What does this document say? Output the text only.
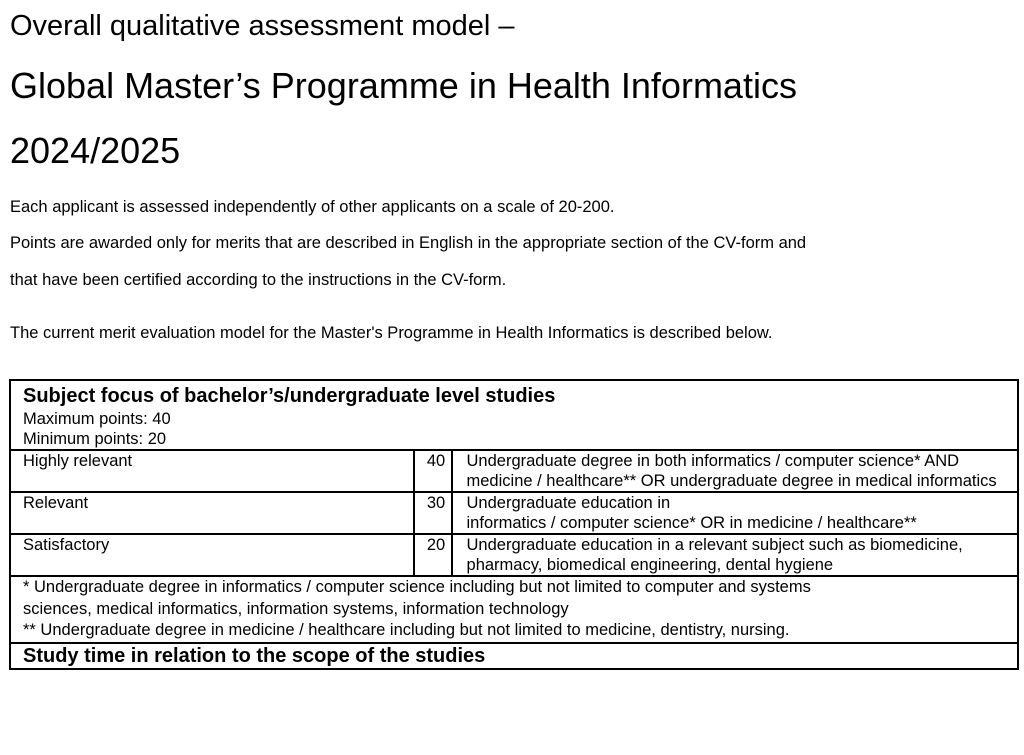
Overall qualitative assessment model –
Global Master’s Programme in Health Informatics
2024/2025

Each applicant is assessed independently of other applicants on a scale of 20-200.

Points are awarded only for merits that are described in English in the appropriate section of the CV-form and

that have been certified according to the instructions in the CV-form.

The current merit evaluation model for the Master's Programme in Health Informatics is described below.

Subject focus of bachelor’s/undergraduate level studies
Maximum points: 40
Minimum points: 20		

Highly relevant	40	Undergraduate degree in both informatics / computer science* AND medicine / healthcare** OR undergraduate degree in medical informatics
Relevant	30	Undergraduate education in
informatics / computer science* OR in medicine / healthcare**

Satisfactory	20	Undergraduate education in a relevant subject such as biomedicine, pharmacy, biomedical engineering, dental hygiene

* Undergraduate degree in informatics / computer science including but not limited to computer and systems
sciences, medical informatics, information systems, information technology
** Undergraduate degree in medicine / healthcare including but not limited to medicine, dentistry, nursing.		

Study time in relation to the scope of the studies		
